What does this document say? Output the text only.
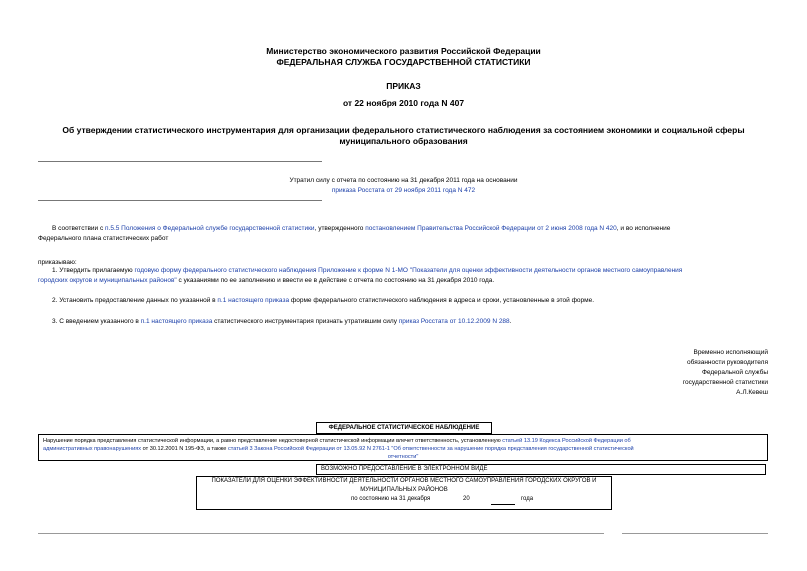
Министерство экономического развития Российской Федерации
ФЕДЕРАЛЬНАЯ СЛУЖБА ГОСУДАРСТВЕННОЙ СТАТИСТИКИ
ПРИКАЗ
от 22 ноября 2010 года N 407
Об утверждении статистического инструментария для организации федерального статистического наблюдения за состоянием экономики и социальной сферы
муниципального образования
Утратил силу с отчета по состоянию на 31 декабря 2011 года на основании
приказа Росстата от 29 ноября 2011 года N 472
В соответствии с п.5.5 Положения о Федеральной службе государственной статистики, утвержденного постановлением Правительства Российской Федерации от 2 июня 2008 года N 420, и во исполнение
Федерального плана статистических работ
приказываю:
1. Утвердить прилагаемую годовую форму федерального статистического наблюдения Приложение к форме N 1-МО "Показатели для оценки эффективности деятельности органов местного самоуправления
городских округов и муниципальных районов" с указаниями по ее заполнению и ввести ее в действие с отчета по состоянию на 31 декабря 2010 года.
2. Установить предоставление данных по указанной в п.1 настоящего приказа форме федерального статистического наблюдения в адреса и сроки, установленные в этой форме.
3. С введением указанного в п.1 настоящего приказа статистического инструментария признать утратившим силу приказ Росстата от 10.12.2009 N 288.
Временно исполняющий
обязанности руководителя
Федеральной службы
государственной статистики
А.Л.Кевеш
ФЕДЕРАЛЬНОЕ СТАТИСТИЧЕСКОЕ НАБЛЮДЕНИЕ
Нарушение порядка представления статистической информации, а равно представление недостоверной статистической информации влечет ответственность, установленную статьей 13.19 Кодекса Российской Федерации об
административных правонарушениях от 30.12.2001 N 195-ФЗ, а также статьей 3 Закона Российской Федерации от 13.05.92 N 2761-1 "Об ответственности за нарушение порядка представления государственной статистической
отчетности"
ВОЗМОЖНО ПРЕДОСТАВЛЕНИЕ В ЭЛЕКТРОННОМ ВИДЕ
ПОКАЗАТЕЛИ ДЛЯ ОЦЕНКИ ЭФФЕКТИВНОСТИ ДЕЯТЕЛЬНОСТИ ОРГАНОВ МЕСТНОГО САМОУПРАВЛЕНИЯ ГОРОДСКИХ ОКРУГОВ И
МУНИЦИПАЛЬНЫХ РАЙОНОВ
по состоянию на 31 декабря	20	года
